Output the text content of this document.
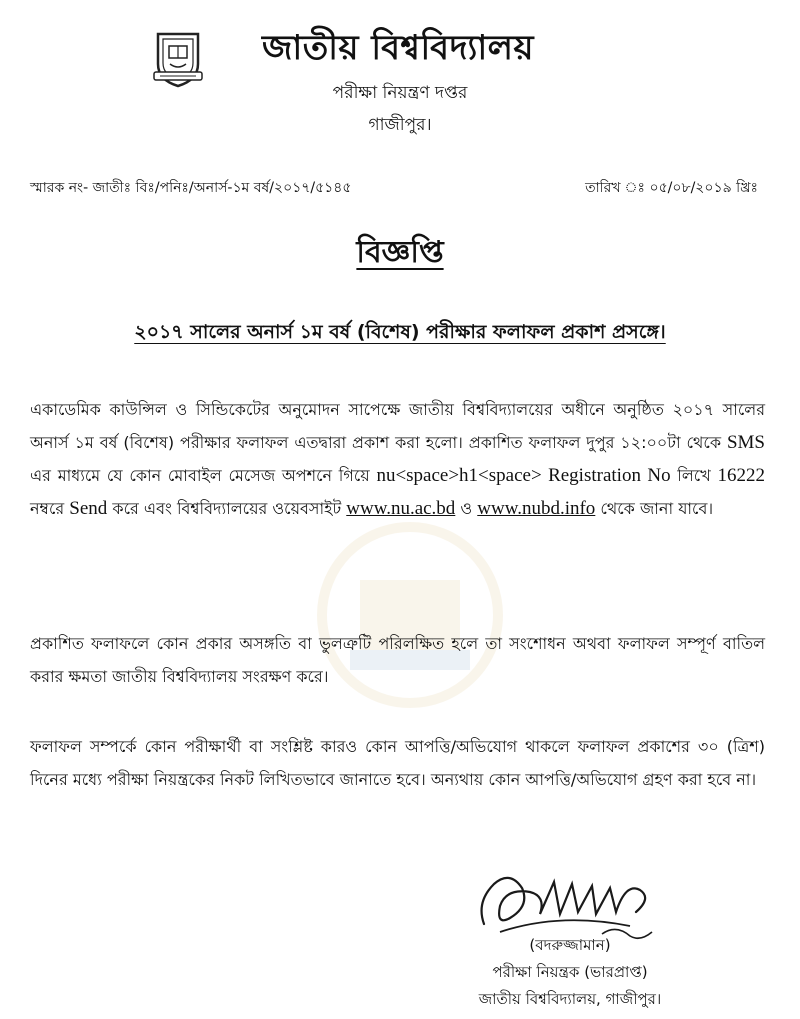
জাতীয় বিশ্ববিদ্যালয়
পরীক্ষা নিয়ন্ত্রণ দপ্তর
গাজীপুর।
স্মারক নং- জাতীঃ বিঃ/পনিঃ/অনার্স-১ম বর্ষ/২০১৭/৫১৪৫	তারিখ ঃ ০৫/০৮/২০১৯ খ্রিঃ
বিজ্ঞপ্তি
২০১৭ সালের অনার্স ১ম বর্ষ (বিশেষ) পরীক্ষার ফলাফল প্রকাশ প্রসঙ্গে।
একাডেমিক কাউন্সিল ও সিন্ডিকেটের অনুমোদন সাপেক্ষে জাতীয় বিশ্ববিদ্যালয়ের অধীনে অনুষ্ঠিত ২০১৭ সালের অনার্স ১ম বর্ষ (বিশেষ) পরীক্ষার ফলাফল এতদ্বারা প্রকাশ করা হলো। প্রকাশিত ফলাফল দুপুর ১২:০০টা থেকে SMS এর মাধ্যমে যে কোন মোবাইল মেসেজ অপশনে গিয়ে nu<space>h1<space> Registration No লিখে 16222 নম্বরে Send করে এবং বিশ্ববিদ্যালয়ের ওয়েবসাইট www.nu.ac.bd ও www.nubd.info থেকে জানা যাবে।
প্রকাশিত ফলাফলে কোন প্রকার অসঙ্গতি বা ভুলত্রুটি পরিলক্ষিত হলে তা সংশোধন অথবা ফলাফল সম্পূর্ণ বাতিল করার ক্ষমতা জাতীয় বিশ্ববিদ্যালয় সংরক্ষণ করে।
ফলাফল সম্পর্কে কোন পরীক্ষার্থী বা সংশ্লিষ্ট কারও কোন আপত্তি/অভিযোগ থাকলে ফলাফল প্রকাশের ৩০ (ত্রিশ) দিনের মধ্যে পরীক্ষা নিয়ন্ত্রকের নিকট লিখিতভাবে জানাতে হবে। অন্যথায় কোন আপত্তি/অভিযোগ গ্রহণ করা হবে না।
(বদরুজ্জামান)
পরীক্ষা নিয়ন্ত্রক (ভারপ্রাপ্ত)
জাতীয় বিশ্ববিদ্যালয়, গাজীপুর।
